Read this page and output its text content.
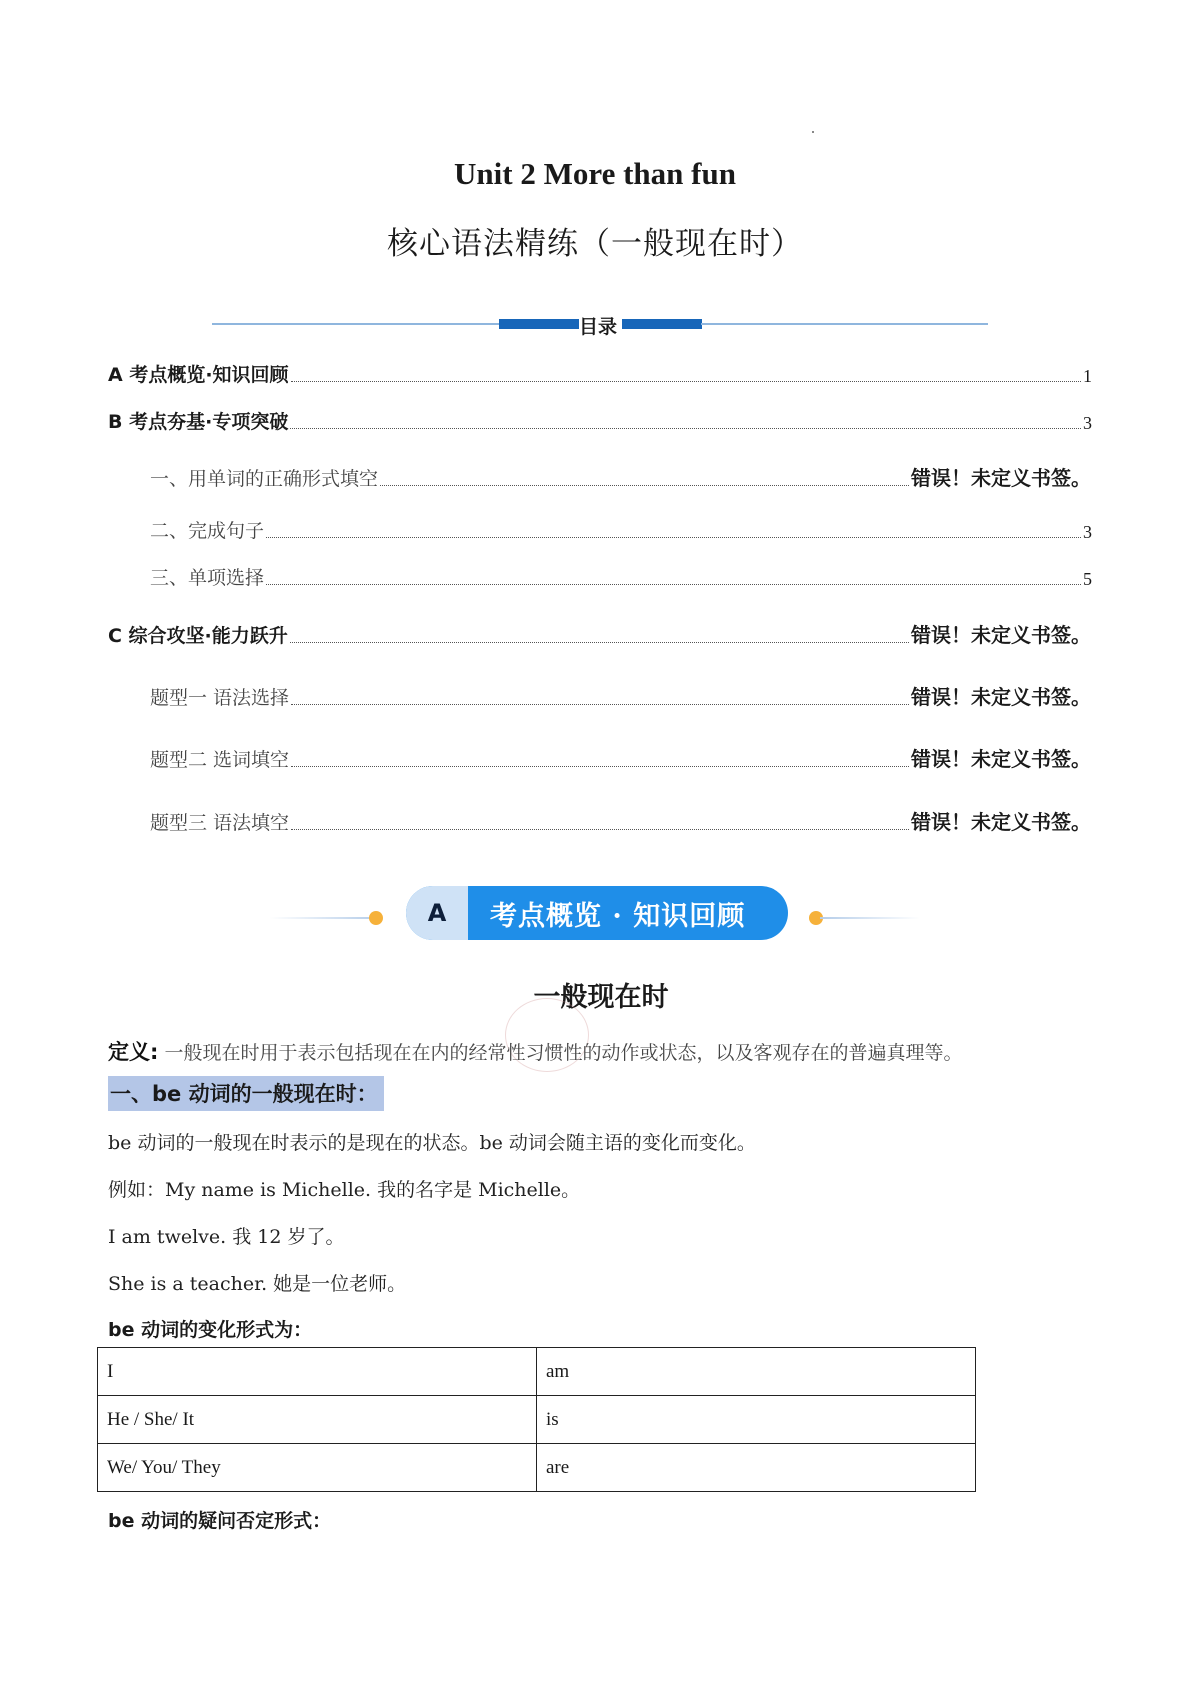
Unit 2 More than fun
核心语法精练（一般现在时）
目录
A 考点概览·知识回顾	1
B 考点夯基·专项突破	3
一、用单词的正确形式填空	错误！未定义书签。
二、完成句子	3
三、单项选择	5
C 综合攻坚·能力跃升	错误！未定义书签。
题型一 语法选择	错误！未定义书签。
题型二 选词填空	错误！未定义书签。
题型三 语法填空	错误！未定义书签。
A	考点概览 · 知识回顾
一般现在时
定义: 一般现在时用于表示包括现在在内的经常性习惯性的动作或状态，以及客观存在的普遍真理等。
一、be 动词的一般现在时：
be 动词的一般现在时表示的是现在的状态。be 动词会随主语的变化而变化。
例如：My name is Michelle. 我的名字是 Michelle。
I am twelve. 我 12 岁了。
She is a teacher. 她是一位老师。
be 动词的变化形式为：
I	am
He / She/ It	is
We/ You/ They	are
be 动词的疑问否定形式：
